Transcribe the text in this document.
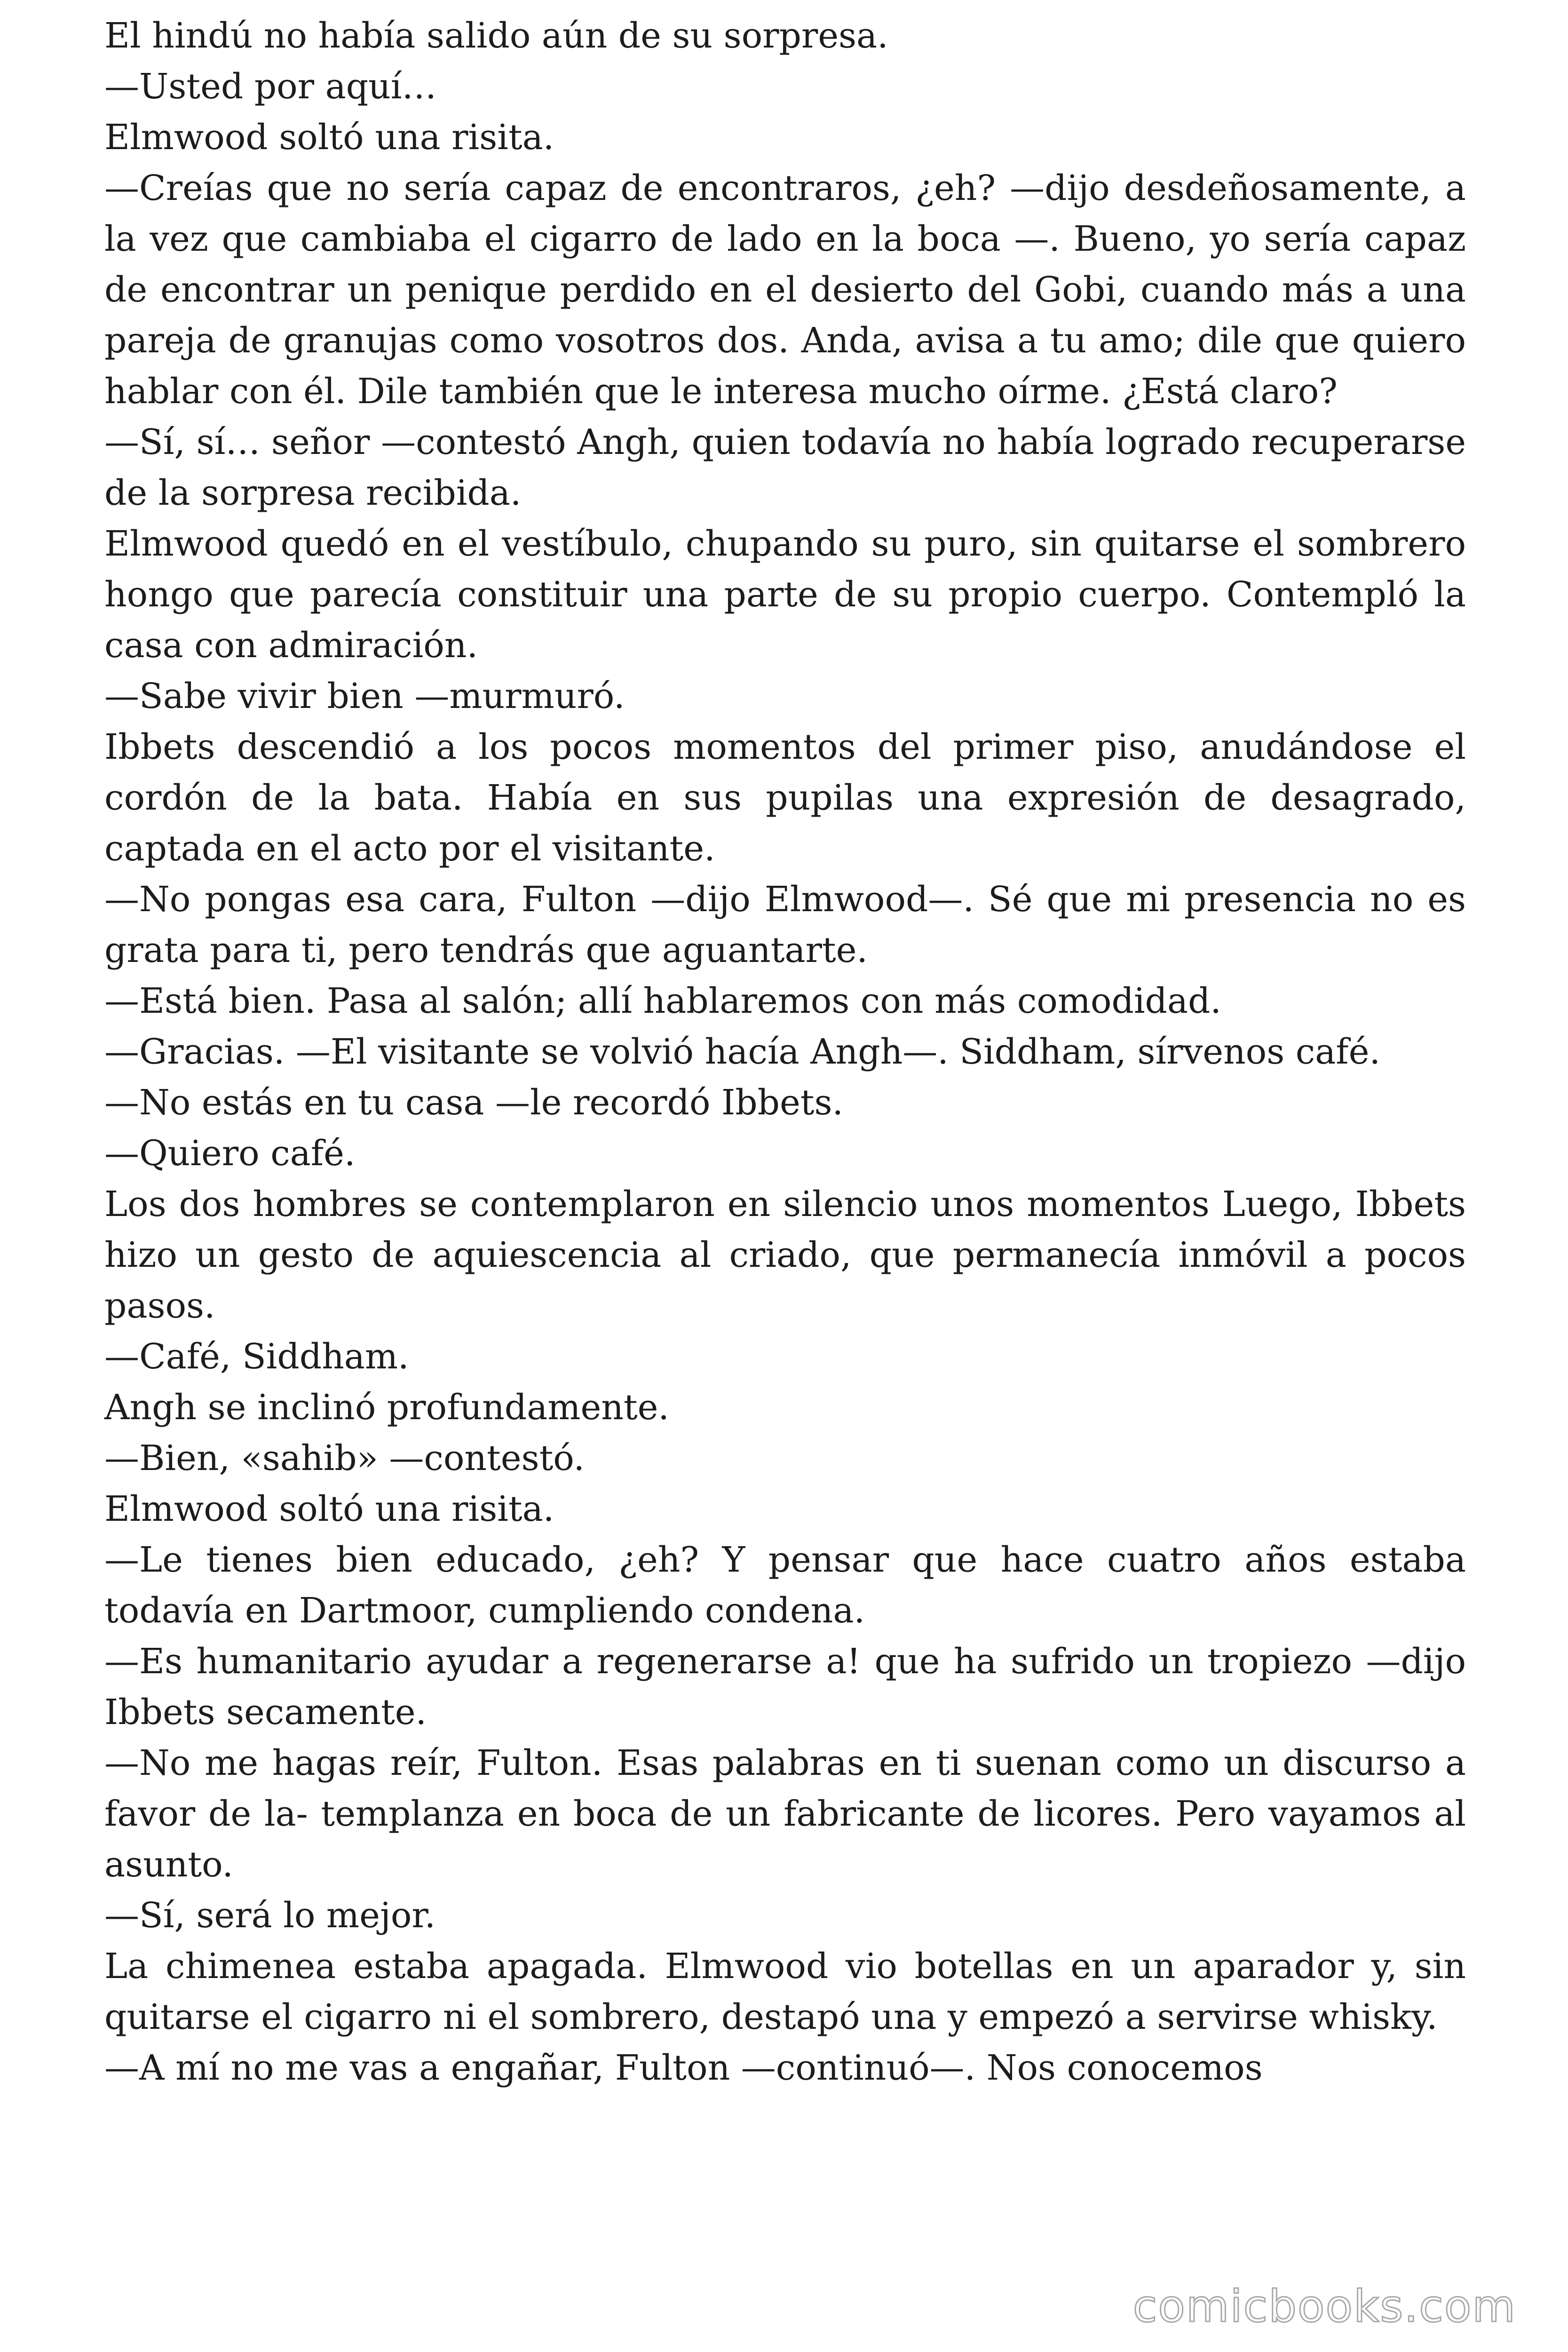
El hindú no había salido aún de su sorpresa.

—Usted por aquí…

Elmwood soltó una risita.

—Creías que no sería capaz de encontraros, ¿eh? —dijo desdeñosamente, a la vez que cambiaba el cigarro de lado en la boca —. Bueno, yo sería capaz de encontrar un penique perdido en el desierto del Gobi, cuando más a una pareja de granujas como vosotros dos. Anda, avisa a tu amo; dile que quiero hablar con él. Dile también que le interesa mucho oírme. ¿Está claro?

—Sí, sí… señor —contestó Angh, quien todavía no había logrado recuperarse de la sorpresa recibida.

Elmwood quedó en el vestíbulo, chupando su puro, sin quitarse el sombrero hongo que parecía constituir una parte de su propio cuerpo. Contempló la casa con admiración.

—Sabe vivir bien —murmuró.

Ibbets descendió a los pocos momentos del primer piso, anudándose el cordón de la bata. Había en sus pupilas una expresión de desagrado, captada en el acto por el visitante.

—No pongas esa cara, Fulton —dijo Elmwood—. Sé que mi presencia no es grata para ti, pero tendrás que aguantarte.

—Está bien. Pasa al salón; allí hablaremos con más comodidad.

—Gracias. —El visitante se volvió hacía Angh—. Siddham, sírvenos café.

—No estás en tu casa —le recordó Ibbets.

—Quiero café.

Los dos hombres se contemplaron en silencio unos momentos Luego, Ibbets hizo un gesto de aquiescencia al criado, que permanecía inmóvil a pocos pasos.

—Café, Siddham.

Angh se inclinó profundamente.

—Bien, «sahib» —contestó.

Elmwood soltó una risita.

—Le tienes bien educado, ¿eh? Y pensar que hace cuatro años estaba todavía en Dartmoor, cumpliendo condena.

—Es humanitario ayudar a regenerarse a! que ha sufrido un tropiezo —dijo Ibbets secamente.

—No me hagas reír, Fulton. Esas palabras en ti suenan como un discurso a favor de la- templanza en boca de un fabricante de licores. Pero vayamos al asunto.

—Sí, será lo mejor.

La chimenea estaba apagada. Elmwood vio botellas en un aparador y, sin quitarse el cigarro ni el sombrero, destapó una y empezó a servirse whisky.

—A mí no me vas a engañar, Fulton —continuó—. Nos conocemos

comicbooks.com
